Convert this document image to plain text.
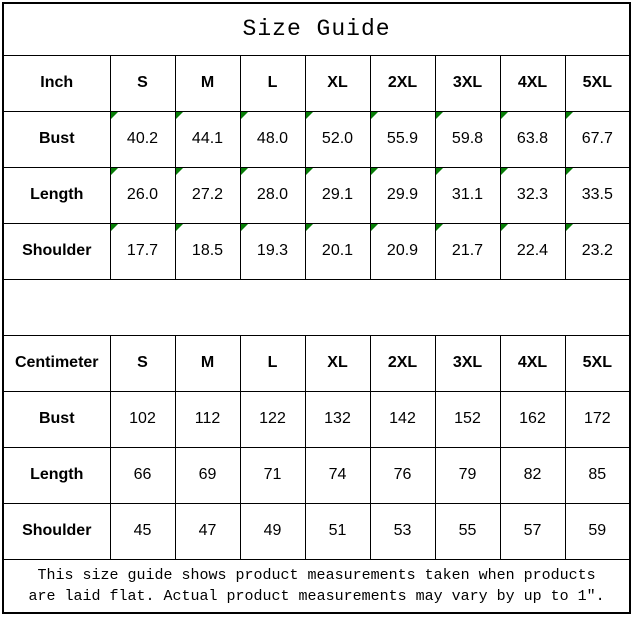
Size Guide								
Inch	S	M	L	XL	2XL	3XL	4XL	5XL
Bust	40.2	44.1	48.0	52.0	55.9	59.8	63.8	67.7
Length	26.0	27.2	28.0	29.1	29.9	31.1	32.3	33.5
Shoulder	17.7	18.5	19.3	20.1	20.9	21.7	22.4	23.2

Centimeter	S	M	L	XL	2XL	3XL	4XL	5XL
Bust	102	112	122	132	142	152	162	172
Length	66	69	71	74	76	79	82	85
Shoulder	45	47	49	51	53	55	57	59

This size guide shows product measurements taken when products
are laid flat. Actual product measurements may vary by up to 1″.								
